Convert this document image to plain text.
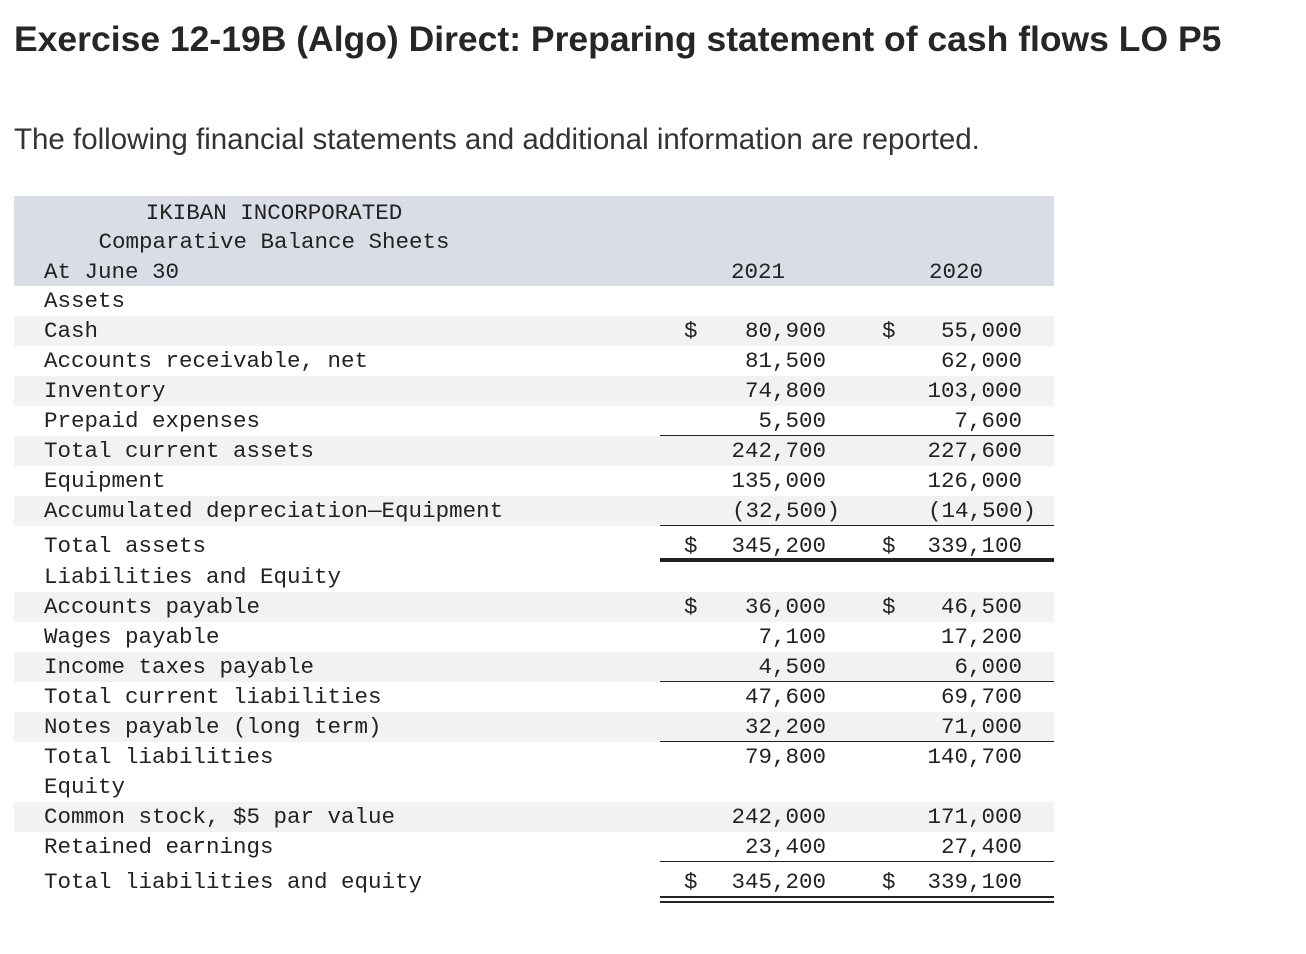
Exercise 12-19B (Algo) Direct: Preparing statement of cash flows LO P5

The following financial statements and additional information are reported.

IKIBAN INCORPORATED
Comparative Balance Sheets
At June 30	2021	2020
Assets
Cash	$ 80,900 $ 55,000
Accounts receivable, net	81,500	62,000
Inventory	74,800	103,000
Prepaid expenses	5,500	7,600
Total current assets	242,700	227,600
Equipment	135,000	126,000
Accumulated depreciation—Equipment	(32,500)	(14,500)
Total assets	$ 345,200 $ 339,100
Liabilities and Equity
Accounts payable	$ 36,000 $ 46,500
Wages payable	7,100	17,200
Income taxes payable	4,500	6,000
Total current liabilities	47,600	69,700
Notes payable (long term)	32,200	71,000
Total liabilities	79,800	140,700
Equity
Common stock, $5 par value	242,000	171,000
Retained earnings	23,400	27,400
Total liabilities and equity	$ 345,200 $ 339,100
